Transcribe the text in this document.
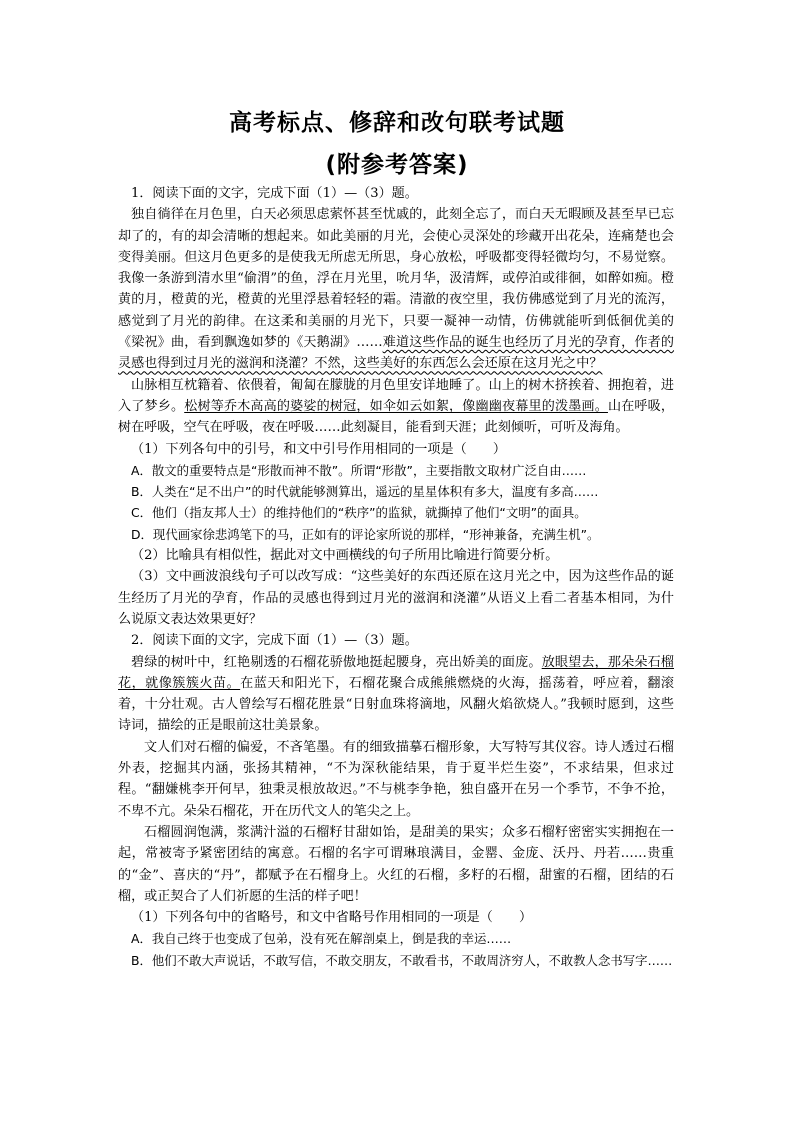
高考标点、修辞和改句联考试题
(附参考答案)

1．阅读下面的文字，完成下面（1）—（3）题。

独自徜徉在月色里，白天必须思虑萦怀甚至忧戚的，此刻全忘了，而白天无暇顾及甚至早已忘却了的，有的却会清晰的想起来。如此美丽的月光，会使心灵深处的珍藏开出花朵，连痛楚也会变得美丽。但这月色更多的是使我无所虑无所思，身心放松，呼吸都变得轻微均匀，不易觉察。我像一条游到清水里“偷渭”的鱼，浮在月光里，吮月华，汲清辉，或停泊或徘徊，如醉如痴。橙黄的月，橙黄的光，橙黄的光里浮悬着轻轻的霜。清澈的夜空里，我仿佛感觉到了月光的流泻，感觉到了月光的韵律。在这柔和美丽的月光下，只要一凝神一动情，仿佛就能听到低徊优美的《梁祝》曲，看到飘逸如梦的《天鹅湖》……难道这些作品的诞生也经历了月光的孕育，作者的灵感也得到过月光的滋润和浇灌？不然，这些美好的东西怎么会还原在这月光之中？

山脉相互枕籍着、依偎着，匍匐在朦胧的月色里安详地睡了。山上的树木挤挨着、拥抱着，进入了梦乡。松树等乔木高高的婆娑的树冠，如伞如云如絮，像幽幽夜幕里的泼墨画。山在呼吸，树在呼吸，空气在呼吸，夜在呼吸……此刻凝目，能看到天涯；此刻倾听，可听及海角。

（1）下列各句中的引号，和文中引号作用相同的一项是（　　）

A．散文的重要特点是“形散而神不散”。所谓“形散”，主要指散文取材广泛自由……

B．人类在“足不出户”的时代就能够测算出，遥远的星星体积有多大，温度有多高……

C．他们（指友邦人士）的维持他们的“秩序”的监狱，就撕掉了他们“文明”的面具。

D．现代画家徐悲鸿笔下的马，正如有的评论家所说的那样，“形神兼备，充满生机”。

（2）比喻具有相似性，据此对文中画横线的句子所用比喻进行简要分析。

（3）文中画波浪线句子可以改写成：“这些美好的东西还原在这月光之中，因为这些作品的诞生经历了月光的孕育，作品的灵感也得到过月光的滋润和浇灌”从语义上看二者基本相同，为什么说原文表达效果更好？

2．阅读下面的文字，完成下面（1）—（3）题。

碧绿的树叶中，红艳剔透的石榴花骄傲地挺起腰身，亮出娇美的面庞。放眼望去，那朵朵石榴花，就像簇簇火苗。在蓝天和阳光下，石榴花聚合成熊熊燃烧的火海，摇荡着，呼应着，翻滚着，十分壮观。古人曾绘写石榴花胜景“日射血珠将滴地，风翻火焰欲烧人。”我顿时愿到，这些诗词，描绘的正是眼前这壮美景象。

文人们对石榴的偏爱，不吝笔墨。有的细致描摹石榴形象，大写特写其仪容。诗人透过石榴外表，挖掘其内涵，张扬其精神，“不为深秋能结果，肯于夏半烂生姿”，不求结果，但求过程。“翻嫌桃李开何早，独秉灵根放故迟。”不与桃李争艳，独自盛开在另一个季节，不争不抢，不卑不亢。朵朵石榴花，开在历代文人的笔尖之上。

石榴圆润饱满，浆满汁溢的石榴籽甘甜如饴，是甜美的果实；众多石榴籽密密实实拥抱在一起，常被寄予紧密团结的寓意。石榴的名字可谓琳琅满目，金罂、金庞、沃丹、丹若……贵重的“金”、喜庆的“丹”，都赋予在石榴身上。火红的石榴，多籽的石榴，甜蜜的石榴，团结的石榴，或正契合了人们祈愿的生活的样子吧！

（1）下列各句中的省略号，和文中省略号作用相同的一项是（　　）

A．我自己终于也变成了包弟，没有死在解剖桌上，倒是我的幸运……

B．他们不敢大声说话，不敢写信，不敢交朋友，不敢看书，不敢周济穷人，不敢教人念书写字……
